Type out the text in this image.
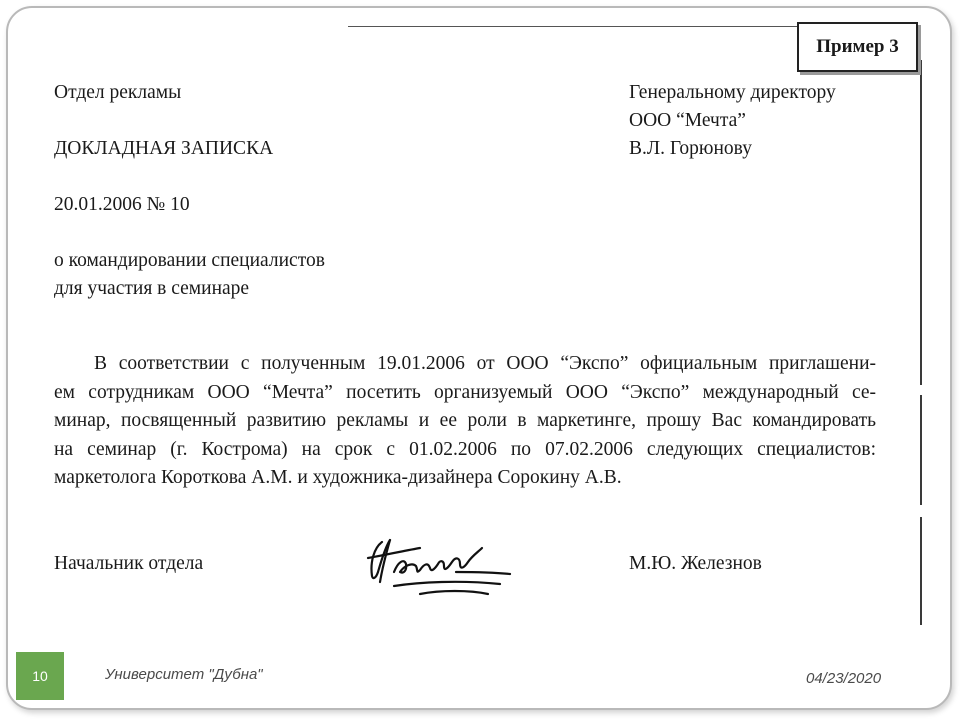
Пример 3
Отдел рекламы
ДОКЛАДНАЯ ЗАПИСКА
20.01.2006 № 10
о командировании специалистов
для участия в семинаре
Генеральному директору
ООО “Мечта”
В.Л. Горюнову
В соответствии с полученным 19.01.2006 от ООО “Экспо” официальным приглашени-
ем сотрудникам ООО “Мечта” посетить организуемый ООО “Экспо” международный се-
минар, посвященный развитию рекламы и ее роли в маркетинге, прошу Вас командировать
на семинар (г. Кострома) на срок с 01.02.2006 по 07.02.2006 следующих специалистов:
маркетолога Короткова А.М. и художника-дизайнера Сорокину А.В.
Начальник отдела	М.Ю. Железнов
10	Университет "Дубна"	04/23/2020
